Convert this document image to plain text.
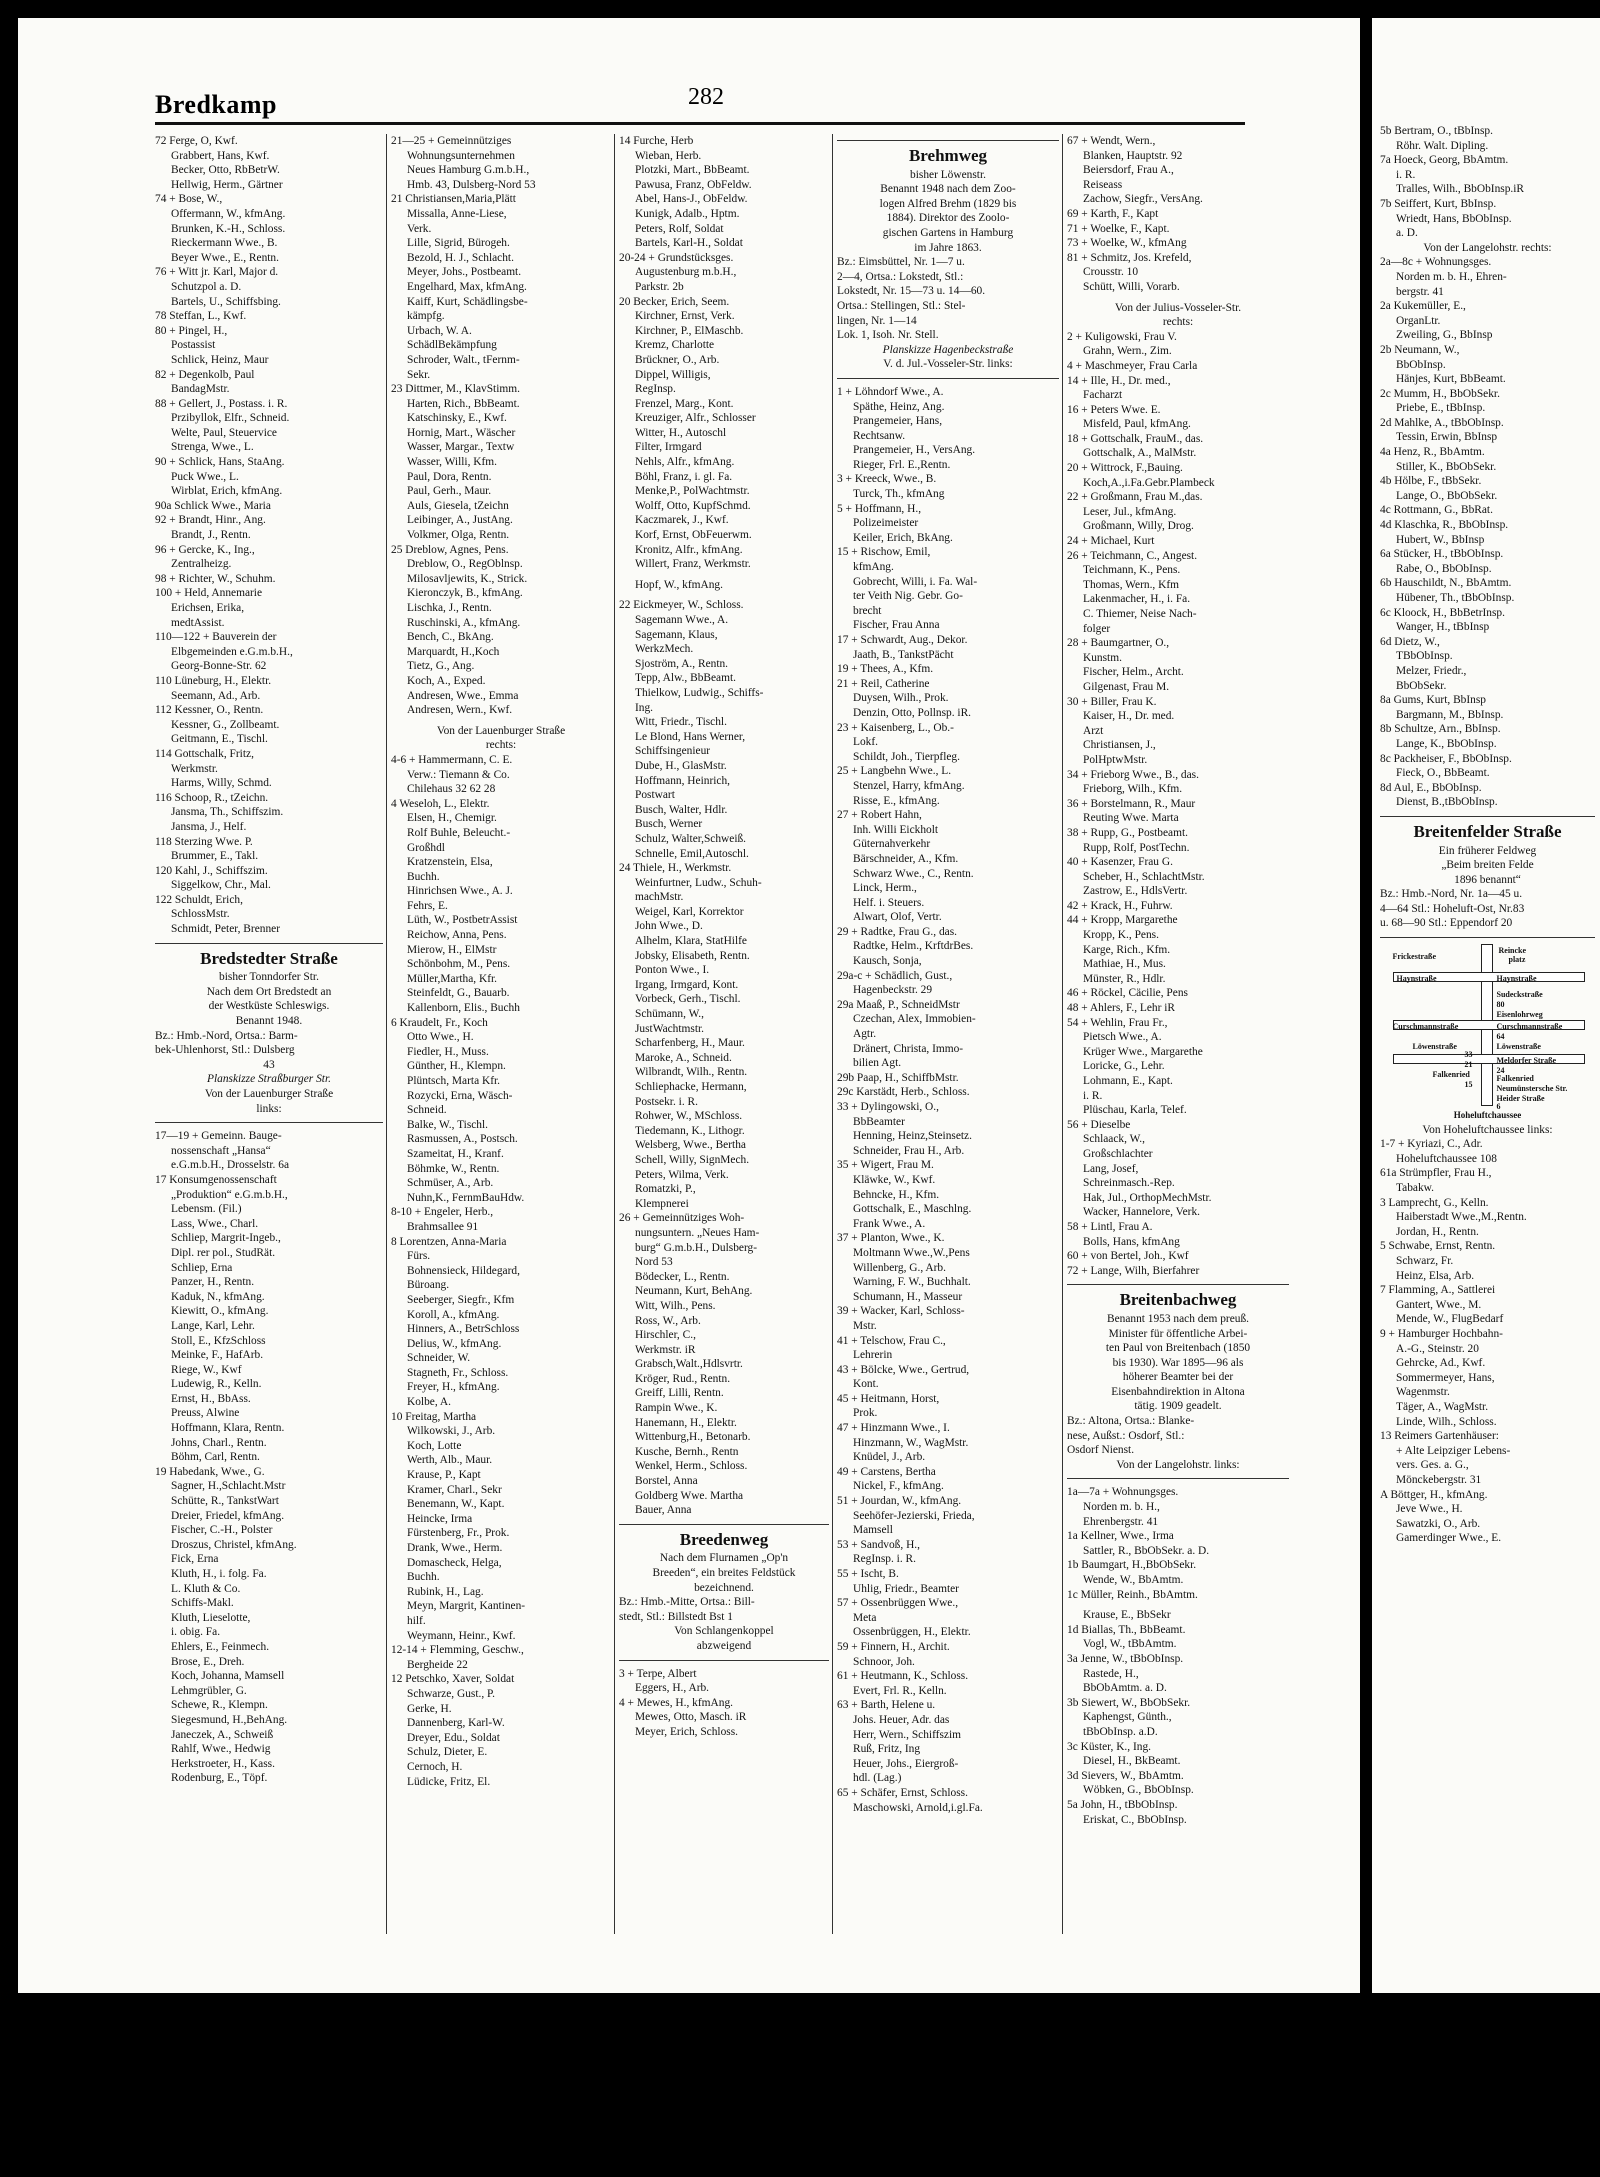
Bredkamp	282
72 Ferge, O, Kwf.
Grabbert, Hans, Kwf.
Becker, Otto, RbBetrW.
Hellwig, Herm., Gärtner
74 + Bose, W.,
Offermann, W., kfmAng.
Brunken, K.-H., Schloss.
Rieckermann Wwe., B.
Beyer Wwe., E., Rentn.
76 + Witt jr. Karl, Major d.
Schutzpol a. D.
Bartels, U., Schiffsbing.
78 Steffan, L., Kwf.
80 + Pingel, H.,
Postassist
Schlick, Heinz, Maur
82 + Degenkolb, Paul
BandagMstr.
88 + Gellert, J., Postass. i. R.
Przibyllok, Elfr., Schneid.
Welte, Paul, Steuervice
Strenga, Wwe., L.
90 + Schlick, Hans, StaAng.
Puck Wwe., L.
Wirblat, Erich, kfmAng.
90a Schlick Wwe., Maria
92 + Brandt, Hinr., Ang.
Brandt, J., Rentn.
96 + Gercke, K., Ing.,
Zentralheizg.
98 + Richter, W., Schuhm.
100 + Held, Annemarie
Erichsen, Erika,
medtAssist.
110—122 + Bauverein der
Elbgemeinden e.G.m.b.H.,
Georg-Bonne-Str. 62
110 Lüneburg, H., Elektr.
Seemann, Ad., Arb.
112 Kessner, O., Rentn.
Kessner, G., Zollbeamt.
Geitmann, E., Tischl.
114 Gottschalk, Fritz,
Werkmstr.
Harms, Willy, Schmd.
116 Schoop, R., tZeichn.
Jansma, Th., Schiffszim.
Jansma, J., Helf.
118 Sterzing Wwe. P.
Brummer, E., Takl.
120 Kahl, J., Schiffszim.
Siggelkow, Chr., Mal.
122 Schuldt, Erich,
SchlossMstr.
Schmidt, Peter, Brenner
Bredstedter Straße
bisher Tonndorfer Str.
Nach dem Ort Bredstedt an
der Westküste Schleswigs.
Benannt 1948.
Bz.: Hmb.-Nord, Ortsa.: Barm-
bek-Uhlenhorst, Stl.: Dulsberg
43
Planskizze Straßburger Str.
Von der Lauenburger Straße
links:
17—19 + Gemeinn. Bauge-
nossenschaft „Hansa“
e.G.m.b.H., Drosselstr. 6a
17 Konsumgenossenschaft
„Produktion“ e.G.m.b.H.,
Lebensm. (Fil.)
Lass, Wwe., Charl.
Schliep, Margrit-Ingeb.,
Dipl. rer pol., StudRät.
Schliep, Erna
Panzer, H., Rentn.
Kaduk, N., kfmAng.
Kiewitt, O., kfmAng.
Lange, Karl, Lehr.
Stoll, E., KfzSchloss
Meinke, F., HafArb.
Riege, W., Kwf
Ludewig, R., Kelln.
Ernst, H., BbAss.
Preuss, Alwine
Hoffmann, Klara, Rentn.
Johns, Charl., Rentn.
Böhm, Carl, Rentn.
19 Habedank, Wwe., G.
Sagner, H.,Schlacht.Mstr
Schütte, R., TankstWart
Dreier, Friedel, kfmAng.
Fischer, C.-H., Polster
Droszus, Christel, kfmAng.
Fick, Erna
Kluth, H., i. folg. Fa.
L. Kluth & Co.
Schiffs-Makl.
Kluth, Lieselotte,
i. obig. Fa.
Ehlers, E., Feinmech.
Brose, E., Dreh.
Koch, Johanna, Mamsell
Lehmgrübler, G.
Schewe, R., Klempn.
Siegesmund, H.,BehAng.
Janeczek, A., Schweiß
Rahlf, Wwe., Hedwig
Herkstroeter, H., Kass.
Rodenburg, E., Töpf.
21—25 + Gemeinnütziges
Wohnungsunternehmen
Neues Hamburg G.m.b.H.,
Hmb. 43, Dulsberg-Nord 53
21 Christiansen,Maria,Plätt
Missalla, Anne-Liese,
Verk.
Lille, Sigrid, Bürogeh.
Bezold, H. J., Schlacht.
Meyer, Johs., Postbeamt.
Engelhard, Max, kfmAng.
Kaiff, Kurt, Schädlingsbe-
kämpfg.
Urbach, W. A.
SchädlBekämpfung
Schroder, Walt., tFernm-
Sekr.
23 Dittmer, M., KlavStimm.
Harten, Rich., BbBeamt.
Katschinsky, E., Kwf.
Hornig, Mart., Wäscher
Wasser, Margar., Textw
Wasser, Willi, Kfm.
Paul, Dora, Rentn.
Paul, Gerh., Maur.
Auls, Giesela, tZeichn
Leibinger, A., JustAng.
Volkmer, Olga, Rentn.
25 Dreblow, Agnes, Pens.
Dreblow, O., RegOblnsp.
Milosavljewits, K., Strick.
Kieronczyk, B., kfmAng.
Lischka, J., Rentn.
Ruschinski, A., kfmAng.
Bench, C., BkAng.
Marquardt, H.,Koch
Tietz, G., Ang.
Koch, A., Exped.
Andresen, Wwe., Emma
Andresen, Wern., Kwf.
Von der Lauenburger Straße
rechts:
4-6 + Hammermann, C. E.
Verw.: Tiemann & Co.
Chilehaus 32 62 28
4 Weseloh, L., Elektr.
Elsen, H., Chemigr.
Rolf Buhle, Beleucht.-
Großhdl
Kratzenstein, Elsa,
Buchh.
Hinrichsen Wwe., A. J.
Fehrs, E.
Lüth, W., PostbetrAssist
Reichow, Anna, Pens.
Mierow, H., ElMstr
Schönbohm, M., Pens.
Müller,Martha, Kfr.
Steinfeldt, G., Bauarb.
Kallenborn, Elis., Buchh
6 Kraudelt, Fr., Koch
Otto Wwe., H.
Fiedler, H., Muss.
Günther, H., Klempn.
Plüntsch, Marta Kfr.
Rozycki, Erna, Wäsch-
Schneid.
Balke, W., Tischl.
Rasmussen, A., Postsch.
Szameitat, H., Kranf.
Böhmke, W., Rentn.
Schmüser, A., Arb.
Nuhn,K., FernmBauHdw.
8-10 + Engeler, Herb.,
Brahmsallee 91
8 Lorentzen, Anna-Maria
Fürs.
Bohnensieck, Hildegard,
Büroang.
Seeberger, Siegfr., Kfm
Koroll, A., kfmAng.
Hinners, A., BetrSchloss
Delius, W., kfmAng.
Schneider, W.
Stagneth, Fr., Schloss.
Freyer, H., kfmAng.
Kolbe, A.
10 Freitag, Martha
Wilkowski, J., Arb.
Koch, Lotte
Werth, Alb., Maur.
Krause, P., Kapt
Kramer, Charl., Sekr
Benemann, W., Kapt.
Heincke, Irma
Fürstenberg, Fr., Prok.
Drank, Wwe., Herm.
Domascheck, Helga,
Buchh.
Rubink, H., Lag.
Meyn, Margrit, Kantinen-
hilf.
Weymann, Heinr., Kwf.
12-14 + Flemming, Geschw.,
Bergheide 22
12 Petschko, Xaver, Soldat
Schwarze, Gust., P.
Gerke, H.
Dannenberg, Karl-W.
Dreyer, Edu., Soldat
Schulz, Dieter, E.
Cernoch, H.
Lüdicke, Fritz, El.
14 Furche, Herb
Wieban, Herb.
Plotzki, Mart., BbBeamt.
Pawusa, Franz, ObFeldw.
Abel, Hans-J., ObFeldw.
Kunigk, Adalb., Hptm.
Peters, Rolf, Soldat
Bartels, Karl-H., Soldat
20-24 + Grundstücksges.
Augustenburg m.b.H.,
Parkstr. 2b
20 Becker, Erich, Seem.
Kirchner, Ernst, Verk.
Kirchner, P., ElMaschb.
Kremz, Charlotte
Brückner, O., Arb.
Dippel, Willigis,
RegInsp.
Frenzel, Marg., Kont.
Kreuziger, Alfr., Schlosser
Witter, H., Autoschl
Filter, Irmgard
Nehls, Alfr., kfmAng.
Böhl, Franz, i. gl. Fa.
Menke,P., PolWachtmstr.
Wolff, Otto, KupfSchmd.
Kaczmarek, J., Kwf.
Korf, Ernst, ObFeuerwm.
Kronitz, Alfr., kfmAng.
Willert, Franz, Werkmstr.
Hopf, W., kfmAng.
22 Eickmeyer, W., Schloss.
Sagemann Wwe., A.
Sagemann, Klaus,
WerkzMech.
Sjoström, A., Rentn.
Tepp, Alw., BbBeamt.
Thielkow, Ludwig., Schiffs-
Ing.
Witt, Friedr., Tischl.
Le Blond, Hans Werner,
Schiffsingenieur
Dube, H., GlasMstr.
Hoffmann, Heinrich,
Postwart
Busch, Walter, Hdlr.
Busch, Werner
Schulz, Walter,Schweiß.
Schnelle, Emil,Autoschl.
24 Thiele, H., Werkmstr.
Weinfurtner, Ludw., Schuh-
machMstr.
Weigel, Karl, Korrektor
John Wwe., D.
Alhelm, Klara, StatHilfe
Jobsky, Elisabeth, Rentn.
Ponton Wwe., I.
Irgang, Irmgard, Kont.
Vorbeck, Gerh., Tischl.
Schümann, W.,
JustWachtmstr.
Scharfenberg, H., Maur.
Maroke, A., Schneid.
Wilbrandt, Wilh., Rentn.
Schliephacke, Hermann,
Postsekr. i. R.
Rohwer, W., MSchloss.
Tiedemann, K., Lithogr.
Welsberg, Wwe., Bertha
Schell, Willy, SignMech.
Peters, Wilma, Verk.
Romatzki, P.,
Klempnerei
26 + Gemeinnütziges Woh-
nungsuntern. „Neues Ham-
burg“ G.m.b.H., Dulsberg-
Nord 53
Bödecker, L., Rentn.
Neumann, Kurt, BehAng.
Witt, Wilh., Pens.
Ross, W., Arb.
Hirschler, C.,
Werkmstr. iR
Grabsch,Walt.,Hdlsvrtr.
Kröger, Rud., Rentn.
Greiff, Lilli, Rentn.
Rampin Wwe., K.
Hanemann, H., Elektr.
Wittenburg,H., Betonarb.
Kusche, Bernh., Rentn
Wenkel, Herm., Schloss.
Borstel, Anna
Goldberg Wwe. Martha
Bauer, Anna
Breedenweg
Nach dem Flurnamen „Op'n
Breeden“, ein breites Feldstück
bezeichnend.
Bz.: Hmb.-Mitte, Ortsa.: Bill-
stedt, Stl.: Billstedt Bst 1
Von Schlangenkoppel
abzweigend
3 + Terpe, Albert
Eggers, H., Arb.
4 + Mewes, H., kfmAng.
Mewes, Otto, Masch. iR
Meyer, Erich, Schloss.
Brehmweg
bisher Löwenstr.
Benannt 1948 nach dem Zoo-
logen Alfred Brehm (1829 bis
1884). Direktor des Zoolo-
gischen Gartens in Hamburg
im Jahre 1863.
Bz.: Eimsbüttel, Nr. 1—7 u.
2—4, Ortsa.: Lokstedt, Stl.:
Lokstedt, Nr. 15—73 u. 14—60.
Ortsa.: Stellingen, Stl.: Stel-
lingen, Nr. 1—14
Lok. 1, Isoh. Nr. Stell.
Planskizze Hagenbeckstraße
V. d. Jul.-Vosseler-Str. links:
1 + Löhndorf Wwe., A.
Späthe, Heinz, Ang.
Prangemeier, Hans,
Rechtsanw.
Prangemeier, H., VersAng.
Rieger, Frl. E.,Rentn.
3 + Kreeck, Wwe., B.
Turck, Th., kfmAng
5 + Hoffmann, H.,
Polizeimeister
Keiler, Erich, BkAng.
15 + Rischow, Emil,
kfmAng.
Gobrecht, Willi, i. Fa. Wal-
ter Veith Nig. Gebr. Go-
brecht
Fischer, Frau Anna
17 + Schwardt, Aug., Dekor.
Jaath, B., TankstPächt
19 + Thees, A., Kfm.
21 + Reil, Catherine
Duysen, Wilh., Prok.
Denzin, Otto, Pollnsp. iR.
23 + Kaisenberg, L., Ob.-
Lokf.
Schildt, Joh., Tierpfleg.
25 + Langbehn Wwe., L.
Stenzel, Harry, kfmAng.
Risse, E., kfmAng.
27 + Robert Hahn,
Inh. Willi Eickholt
Güternahverkehr
Bärschneider, A., Kfm.
Schwarz Wwe., C., Rentn.
Linck, Herm.,
Helf. i. Steuers.
Alwart, Olof, Vertr.
29 + Radtke, Frau G., das.
Radtke, Helm., KrftdrBes.
Kausch, Sonja,
29a-c + Schädlich, Gust.,
Hagenbeckstr. 29
29a Maaß, P., SchneidMstr
Czechan, Alex, Immobien-
Agtr.
Dränert, Christa, Immo-
bilien Agt.
29b Paap, H., SchiffbMstr.
29c Karstädt, Herb., Schloss.
33 + Dylingowski, O.,
BbBeamter
Henning, Heinz,Steinsetz.
Schneider, Frau H., Arb.
35 + Wigert, Frau M.
Kläwke, W., Kwf.
Behncke, H., Kfm.
Gottschalk, E., Maschlng.
Frank Wwe., A.
37 + Planton, Wwe., K.
Moltmann Wwe.,W.,Pens
Willenberg, G., Arb.
Warning, F. W., Buchhalt.
Schumann, H., Masseur
39 + Wacker, Karl, Schloss-
Mstr.
41 + Telschow, Frau C.,
Lehrerin
43 + Bölcke, Wwe., Gertrud,
Kont.
45 + Heitmann, Horst,
Prok.
47 + Hinzmann Wwe., I.
Hinzmann, W., WagMstr.
Knüdel, J., Arb.
49 + Carstens, Bertha
Nickel, F., kfmAng.
51 + Jourdan, W., kfmAng.
Seehöfer-Jezierski, Frieda,
Mamsell
53 + Sandvoß, H.,
RegInsp. i. R.
55 + Ischt, B.
Uhlig, Friedr., Beamter
57 + Ossenbrüggen Wwe.,
Meta
Ossenbrüggen, H., Elektr.
59 + Finnern, H., Archit.
Schnoor, Joh.
61 + Heutmann, K., Schloss.
Evert, Frl. R., Kelln.
63 + Barth, Helene u.
Johs. Heuer, Adr. das
Herr, Wern., Schiffszim
Ruß, Fritz, Ing
Heuer, Johs., Eiergroß-
hdl. (Lag.)
65 + Schäfer, Ernst, Schloss.
Maschowski, Arnold,i.gl.Fa.
67 + Wendt, Wern.,
Blanken, Hauptstr. 92
Beiersdorf, Frau A.,
Reiseass
Zachow, Siegfr., VersAng.
69 + Karth, F., Kapt
71 + Woelke, F., Kapt.
73 + Woelke, W., kfmAng
81 + Schmitz, Jos. Krefeld,
Crousstr. 10
Schütt, Willi, Vorarb.
Von der Julius-Vosseler-Str.
rechts:
2 + Kuligowski, Frau V.
Grahn, Wern., Zim.
4 + Maschmeyer, Frau Carla
14 + Ille, H., Dr. med.,
Facharzt
16 + Peters Wwe. E.
Misfeld, Paul, kfmAng.
18 + Gottschalk, FrauM., das.
Gottschalk, A., MalMstr.
20 + Wittrock, F.,Bauing.
Koch,A.,i.Fa.Gebr.Plambeck
22 + Großmann, Frau M.,das.
Leser, Jul., kfmAng.
Großmann, Willy, Drog.
24 + Michael, Kurt
26 + Teichmann, C., Angest.
Teichmann, K., Pens.
Thomas, Wern., Kfm
Lakenmacher, H., i. Fa.
C. Thiemer, Neise Nach-
folger
28 + Baumgartner, O.,
Kunstm.
Fischer, Helm., Archt.
Gilgenast, Frau M.
30 + Biller, Frau K.
Kaiser, H., Dr. med.
Arzt
Christiansen, J.,
PolHptwMstr.
34 + Frieborg Wwe., B., das.
Frieborg, Wilh., Kfm.
36 + Borstelmann, R., Maur
Reuting Wwe. Marta
38 + Rupp, G., Postbeamt.
Rupp, Rolf, PostTechn.
40 + Kasenzer, Frau G.
Scheber, H., SchlachtMstr.
Zastrow, E., HdlsVertr.
42 + Krack, H., Fuhrw.
44 + Kropp, Margarethe
Kropp, K., Pens.
Karge, Rich., Kfm.
Mathiae, H., Mus.
Münster, R., Hdlr.
46 + Röckel, Cäcilie, Pens
48 + Ahlers, F., Lehr iR
54 + Wehlin, Frau Fr.,
Pietsch Wwe., A.
Krüger Wwe., Margarethe
Loricke, G., Lehr.
Lohmann, E., Kapt.
i. R.
Plüschau, Karla, Telef.
56 + Dieselbe
Schlaack, W.,
Großschlachter
Lang, Josef,
Schreinmasch.-Rep.
Hak, Jul., OrthopMechMstr.
Wacker, Hannelore, Verk.
58 + Lintl, Frau A.
Bolls, Hans, kfmAng
60 + von Bertel, Joh., Kwf
72 + Lange, Wilh, Bierfahrer
Breitenbachweg
Benannt 1953 nach dem preuß.
Minister für öffentliche Arbei-
ten Paul von Breitenbach (1850
bis 1930). War 1895—96 als
höherer Beamter bei der
Eisenbahndirektion in Altona
tätig. 1909 geadelt.
Bz.: Altona, Ortsa.: Blanke-
nese, Außst.: Osdorf, Stl.:
Osdorf Nienst.
Von der Langelohstr. links:
1a—7a + Wohnungsges.
Norden m. b. H.,
Ehrenbergstr. 41
1a Kellner, Wwe., Irma
Sattler, R., BbObSekr. a. D.
1b Baumgart, H.,BbObSekr.
Wende, W., BbAmtm.
1c Müller, Reinh., BbAmtm.
Krause, E., BbSekr
1d Biallas, Th., BbBeamt.
Vogl, W., tBbAmtm.
3a Jenne, W., tBbObInsp.
Rastede, H.,
BbObAmtm. a. D.
3b Siewert, W., BbObSekr.
Kaphengst, Günth.,
tBbObInsp. a.D.
3c Küster, K., Ing.
Diesel, H., BkBeamt.
3d Sievers, W., BbAmtm.
Wöbken, G., BbObInsp.
5a John, H., tBbObInsp.
Eriskat, C., BbObInsp.
5b Bertram, O., tBbInsp.
Röhr. Walt. Dipling.
7a Hoeck, Georg, BbAmtm.
i. R.
Tralles, Wilh., BbObInsp.iR
7b Seiffert, Kurt, BbInsp.
Wriedt, Hans, BbObInsp.
a. D.
Von der Langelohstr. rechts:
2a—8c + Wohnungsges.
Norden m. b. H., Ehren-
bergstr. 41
2a Kukemüller, E.,
OrganLtr.
Zweiling, G., BbInsp
2b Neumann, W.,
BbObInsp.
Hänjes, Kurt, BbBeamt.
2c Mumm, H., BbObSekr.
Priebe, E., tBbInsp.
2d Mahlke, A., tBbObInsp.
Tessin, Erwin, BbInsp
4a Henz, R., BbAmtm.
Stiller, K., BbObSekr.
4b Hölbe, F., tBbSekr.
Lange, O., BbObSekr.
4c Rottmann, G., BbRat.
4d Klaschka, R., BbObInsp.
Hubert, W., BbInsp
6a Stücker, H., tBbObInsp.
Rabe, O., BbObInsp.
6b Hauschildt, N., BbAmtm.
Hübener, Th., tBbObInsp.
6c Kloock, H., BbBetrInsp.
Wanger, H., tBbInsp
6d Dietz, W.,
TBbObInsp.
Melzer, Friedr.,
BbObSekr.
8a Gums, Kurt, BbInsp
Bargmann, M., BbInsp.
8b Schultze, Arn., BbInsp.
Lange, K., BbObInsp.
8c Packheiser, F., BbObInsp.
Fieck, O., BbBeamt.
8d Aul, E., BbObInsp.
Dienst, B.,tBbObInsp.
Breitenfelder Straße
Ein früherer Feldweg
„Beim breiten Felde
1896 benannt“
Bz.: Hmb.-Nord, Nr. 1a—45 u.
4—64 Stl.: Hoheluft-Ost, Nr.83
u. 68—90 Stl.: Eppendorf 20
Frickestraße
Reincke
platz
Haynstraße	Haynstraße
Sudeckstraße
80
Eisenlohrweg
Curschmannstraße	Curschmannstraße
64
Löwenstraße	Löwenstraße
33
Meldorfer Straße
24
21
Falkenried	Falkenried
15	Neumünstersche Str.
Heider Straße
6
Hoheluftchaussee
Von Hoheluftchaussee links:
1-7 + Kyriazi, C., Adr.
Hoheluftchaussee 108
61a Strümpfler, Frau H.,
Tabakw.
3 Lamprecht, G., Kelln.
Haiberstadt Wwe.,M.,Rentn.
Jordan, H., Rentn.
5 Schwabe, Ernst, Rentn.
Schwarz, Fr.
Heinz, Elsa, Arb.
7 Flamming, A., Sattlerei
Gantert, Wwe., M.
Mende, W., FlugBedarf
9 + Hamburger Hochbahn-
A.-G., Steinstr. 20
Gehrcke, Ad., Kwf.
Sommermeyer, Hans,
Wagenmstr.
Täger, A., WagMstr.
Linde, Wilh., Schloss.
13 Reimers Gartenhäuser:
+ Alte Leipziger Lebens-
vers. Ges. a. G.,
Mönckebergstr. 31
A Böttger, H., kfmAng.
Jeve Wwe., H.
Sawatzki, O., Arb.
Gamerdinger Wwe., E.
